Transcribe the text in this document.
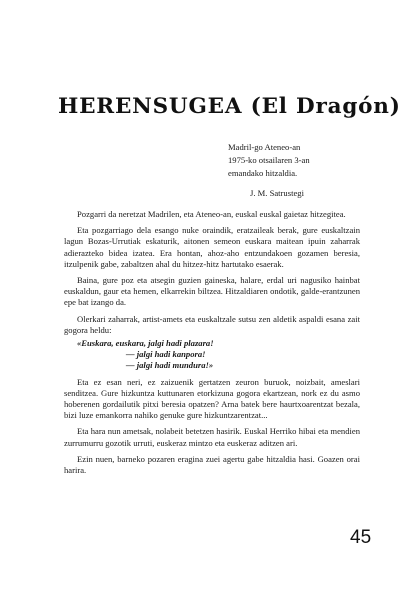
HERENSUGEA (El Dragón)
Madril-go Ateneo-an
1975-ko otsailaren 3-an
emandako hitzaldia.
J. M. Satrustegi

Pozgarri da neretzat Madrilen, eta Ateneo-an, euskal euskal gaietaz hitzegitea.

Eta pozgarriago dela esango nuke oraindik, eratzaileak berak, gure euskaltzain lagun Bozas-Urrutiak eskaturik, aitonen semeon euskara maitean ipuin zaharrak adierazteko bidea izatea. Era hontan, ahoz-aho entzundakoen gozamen beresia, itzulpenik gabe, zabaltzen ahal du hitzez-hitz hartutako esaerak.

Baina, gure poz eta atsegin guzien gaineska, halare, erdal uri nagusiko hainbat euskaldun, gaur eta hemen, elkarrekin biltzea. Hitzaldiaren ondotik, galde-erantzunen epe bat izango da.

Olerkari zaharrak, artist-amets eta euskaltzale sutsu zen aldetik aspaldi esana zait gogora heldu:

«Euskara, euskara, jalgi hadi plazara!
— jalgi hadi kanpora!
— jalgi hadi mundura!»

Eta ez esan neri, ez zaizuenik gertatzen zeuron buruok, noizbait, ameslari senditzea. Gure hizkuntza kuttunaren etorkizuna gogora ekartzean, nork ez du asmo hoberenen gordailutik pitxi beresia opatzen? Arna batek bere haurtxoarentzat bezala, bizi luze emankorra nahiko genuke gure hizkuntzarentzat...

Eta hara nun ametsak, nolabeit betetzen hasirik. Euskal Herriko hibai eta mendien zurrumurru gozotik urruti, euskeraz mintzo eta euskeraz aditzen ari.

Ezin nuen, barneko pozaren eragina zuei agertu gabe hitzaldia hasi. Goazen orai harira.

45
